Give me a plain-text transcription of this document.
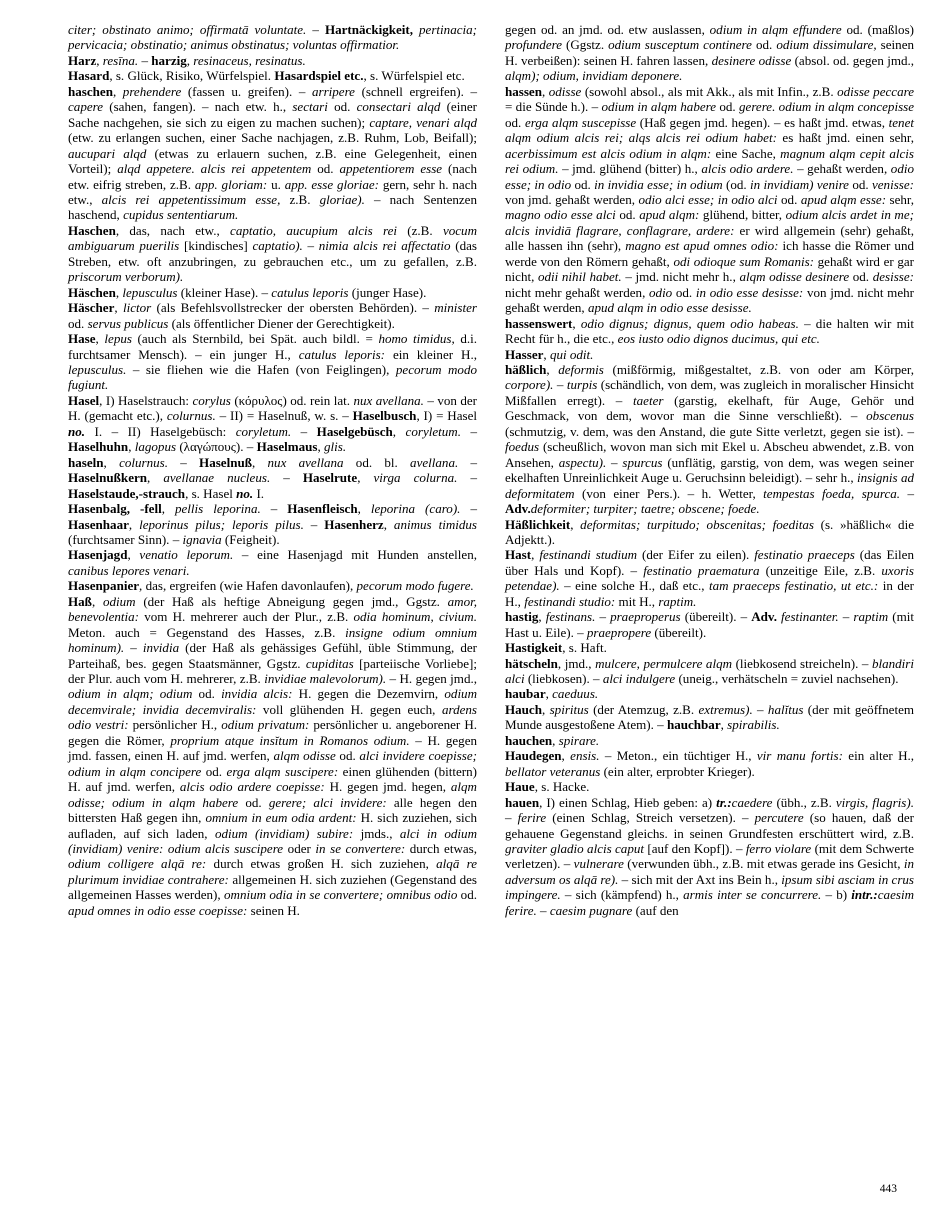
citer; obstinato animo; offirmatā voluntate. – Hartnäckigkeit, pertinacia; pervicacia; obstinatio; animus obstinatus; voluntas offirmatior.

Harz, resīna. – harzig, resinaceus, resinatus.

Hasard, s. Glück, Risiko, Würfelspiel. Hasardspiel etc., s. Würfelspiel etc.

haschen, prehendere (fassen u. greifen). – arripere (schnell ergreifen). – capere (sahen, fangen). – nach etw. h., sectari od. consectari alqd (einer Sache nachgehen, sie sich zu eigen zu machen suchen); captare, venari alqd (etw. zu erlangen suchen, einer Sache nachjagen, z.B. Ruhm, Lob, Beifall); aucupari alqd (etwas zu erlauern suchen, z.B. eine Gelegenheit, einen Vorteil); alqd appetere. alcis rei appetentem od. appetentiorem esse (nach etw. eifrig streben, z.B. app. gloriam: u. app. esse gloriae: gern, sehr h. nach etw., alcis rei appetentissimum esse, z.B. gloriae). – nach Sentenzen haschend, cupidus sententiarum.

Haschen, das, nach etw., captatio, aucupium alcis rei (z.B. vocum ambiguarum puerilis [kindisches] captatio). – nimia alcis rei affectatio (das Streben, etw. oft anzubringen, zu gebrauchen etc., um zu gefallen, z.B. priscorum verborum).

Häschen, lepusculus (kleiner Hase). – catulus leporis (junger Hase).

Häscher, lictor (als Befehlsvollstrecker der obersten Behörden). – minister od. servus publicus (als öffentlicher Diener der Gerechtigkeit).

Hase, lepus (auch als Sternbild, bei Spät. auch bildl. = homo timidus, d.i. furchtsamer Mensch). – ein junger H., catulus leporis: ein kleiner H., lepusculus. – sie fliehen wie die Hafen (von Feiglingen), pecorum modo fugiunt.

Hasel, I) Haselstrauch: corylus (κόρυλος) od. rein lat. nux avellana. – von der H. (gemacht etc.), colurnus. – II) = Haselnuß, w. s. – Haselbusch, I) = Hasel no. I. – II) Haselgebüsch: coryletum. – Haselgebüsch, coryletum. – Haselhuhn, lagopus (λαγώπους). – Haselmaus, glis.

haseln, colurnus. – Haselnuß, nux avellana od. bl. avellana. – Haselnußkern, avellanae nucleus. – Haselrute, virga colurna. – Haselstaude,-strauch, s. Hasel no. I.

Hasenbalg, -fell, pellis leporina. – Hasenfleisch, leporina (caro). – Hasenhaar, leporinus pilus; leporis pilus. – Hasenherz, animus timidus (furchtsamer Sinn). – ignavia (Feigheit).

Hasenjagd, venatio leporum. – eine Hasenjagd mit Hunden anstellen, canibus lepores venari.

Hasenpanier, das, ergreifen (wie Hafen davonlaufen), pecorum modo fugere.

Haß, odium (der Haß als heftige Abneigung gegen jmd., Ggstz. amor, benevolentia: vom H. mehrerer auch der Plur., z.B. odia hominum, civium. Meton. auch = Gegenstand des Hasses, z.B. insigne odium omnium hominum). – invidia (der Haß als gehässiges Gefühl, üble Stimmung, der Parteihaß, bes. gegen Staatsmänner, Ggstz. cupiditas [parteiische Vorliebe]; der Plur. auch vom H. mehrerer, z.B. invidiae malevolorum). – H. gegen jmd., odium in alqm; odium od. invidia alcis: H. gegen die Dezemvirn, odium decemvirale; invidia decemviralis: voll glühenden H. gegen euch, ardens odio vestri: persönlicher H., odium privatum: persönlicher u. angeborener H. gegen die Römer, proprium atque insĭtum in Romanos odium. – H. gegen jmd. fassen, einen H. auf jmd. werfen, alqm odisse od. alci invidere coepisse; odium in alqm concipere od. erga alqm suscipere: einen glühenden (bittern) H. auf jmd. werfen, alcis odio ardere coepisse: H. gegen jmd. hegen, alqm odisse; odium in alqm habere od. gerere; alci invidere: alle hegen den bittersten Haß gegen ihn, omnium in eum odia ardent: H. sich zuziehen, sich aufladen, auf sich laden, odium (invidiam) subire: jmds., alci in odium (invidiam) venire: odium alcis suscipere oder in se convertere: durch etwas, odium colligere alqā re: durch etwas großen H. sich zuziehen, alqā re plurimum invidiae contrahere: allgemeinen H. sich zuziehen (Gegenstand des allgemeinen Hasses werden), omnium odia in se convertere; omnibus odio od. apud omnes in odio esse coepisse: seinen H.

gegen od. an jmd. od. etw auslassen, odium in alqm effundere od. (maßlos) profundere (Ggstz. odium susceptum continere od. odium dissimulare, seinen H. verbeißen): seinen H. fahren lassen, desinere odisse (absol. od. gegen jmd., alqm); odium, invidiam deponere.

hassen, odisse (sowohl absol., als mit Akk., als mit Infin., z.B. odisse peccare = die Sünde h.). – odium in alqm habere od. gerere. odium in alqm concepisse od. erga alqm suscepisse (Haß gegen jmd. hegen). – es haßt jmd. etwas, tenet alqm odium alcis rei; alqs alcis rei odium habet: es haßt jmd. einen sehr, acerbissimum est alcis odium in alqm: eine Sache, magnum alqm cepit alcis rei odium. – jmd. glühend (bitter) h., alcis odio ardere. – gehaßt werden, odio esse; in odio od. in invidia esse; in odium (od. in invidiam) venire od. venisse: von jmd. gehaßt werden, odio alci esse; in odio alci od. apud alqm esse: sehr, magno odio esse alci od. apud alqm: glühend, bitter, odium alcis ardet in me; alcis invidiā flagrare, conflagrare, ardere: er wird allgemein (sehr) gehaßt, alle hassen ihn (sehr), magno est apud omnes odio: ich hasse die Römer und werde von den Römern gehaßt, odi odioque sum Romanis: gehaßt wird er gar nicht, odii nihil habet. – jmd. nicht mehr h., alqm odisse desinere od. desisse: nicht mehr gehaßt werden, odio od. in odio esse desisse: von jmd. nicht mehr gehaßt werden, apud alqm in odio esse desisse.

hassenswert, odio dignus; dignus, quem odio habeas. – die halten wir mit Recht für h., die etc., eos iusto odio dignos ducimus, qui etc.

Hasser, qui odit.

häßlich, deformis (mißförmig, mißgestaltet, z.B. von oder am Körper, corpore). – turpis (schändlich, von dem, was zugleich in moralischer Hinsicht Mißfallen erregt). – taeter (garstig, ekelhaft, für Auge, Gehör und Geschmack, von dem, wovor man die Sinne verschließt). – obscenus (schmutzig, v. dem, was den Anstand, die gute Sitte verletzt, gegen sie ist). – foedus (scheußlich, wovon man sich mit Ekel u. Abscheu abwendet, z.B. von Ansehen, aspectu). – spurcus (unflätig, garstig, von dem, was wegen seiner ekelhaften Unreinlichkeit Auge u. Geruchsinn beleidigt). – sehr h., insignis ad deformitatem (von einer Pers.). – h. Wetter, tempestas foeda, spurca. – Adv.deformiter; turpiter; taetre; obscene; foede.

Häßlichkeit, deformitas; turpitudo; obscenitas; foeditas (s. »häßlich« die Adjektt.).

Hast, festinandi studium (der Eifer zu eilen). festinatio praeceps (das Eilen über Hals und Kopf). – festinatio praematura (unzeitige Eile, z.B. uxoris petendae). – eine solche H., daß etc., tam praeceps festinatio, ut etc.: in der H., festinandi studio: mit H., raptim.

hastig, festinans. – praeproperus (übereilt). – Adv. festinanter. – raptim (mit Hast u. Eile). – praepropere (übereilt).

Hastigkeit, s. Haft.

hätscheln, jmd., mulcere, permulcere alqm (liebkosend streicheln). – blandiri alci (liebkosen). – alci indulgere (uneig., verhätscheln = zuviel nachsehen).

haubar, caeduus.

Hauch, spiritus (der Atemzug, z.B. extremus). – halĭtus (der mit geöffnetem Munde ausgestoßene Atem). – hauchbar, spirabilis.

hauchen, spirare.

Haudegen, ensis. – Meton., ein tüchtiger H., vir manu fortis: ein alter H., bellator veteranus (ein alter, erprobter Krieger).

Haue, s. Hacke.

hauen, I) einen Schlag, Hieb geben: a) tr.:caedere (übh., z.B. virgis, flagris). – ferire (einen Schlag, Streich versetzen). – percutere (so hauen, daß der gehauene Gegenstand gleichs. in seinen Grundfesten erschüttert wird, z.B. graviter gladio alcis caput [auf den Kopf]). – ferro violare (mit dem Schwerte verletzen). – vulnerare (verwunden übh., z.B. mit etwas gerade ins Gesicht, in adversum os alqā re). – sich mit der Axt ins Bein h., ipsum sibi asciam in crus impingere. – sich (kämpfend) h., armis inter se concurrere. – b) intr.:caesim ferire. – caesim pugnare (auf den

443
